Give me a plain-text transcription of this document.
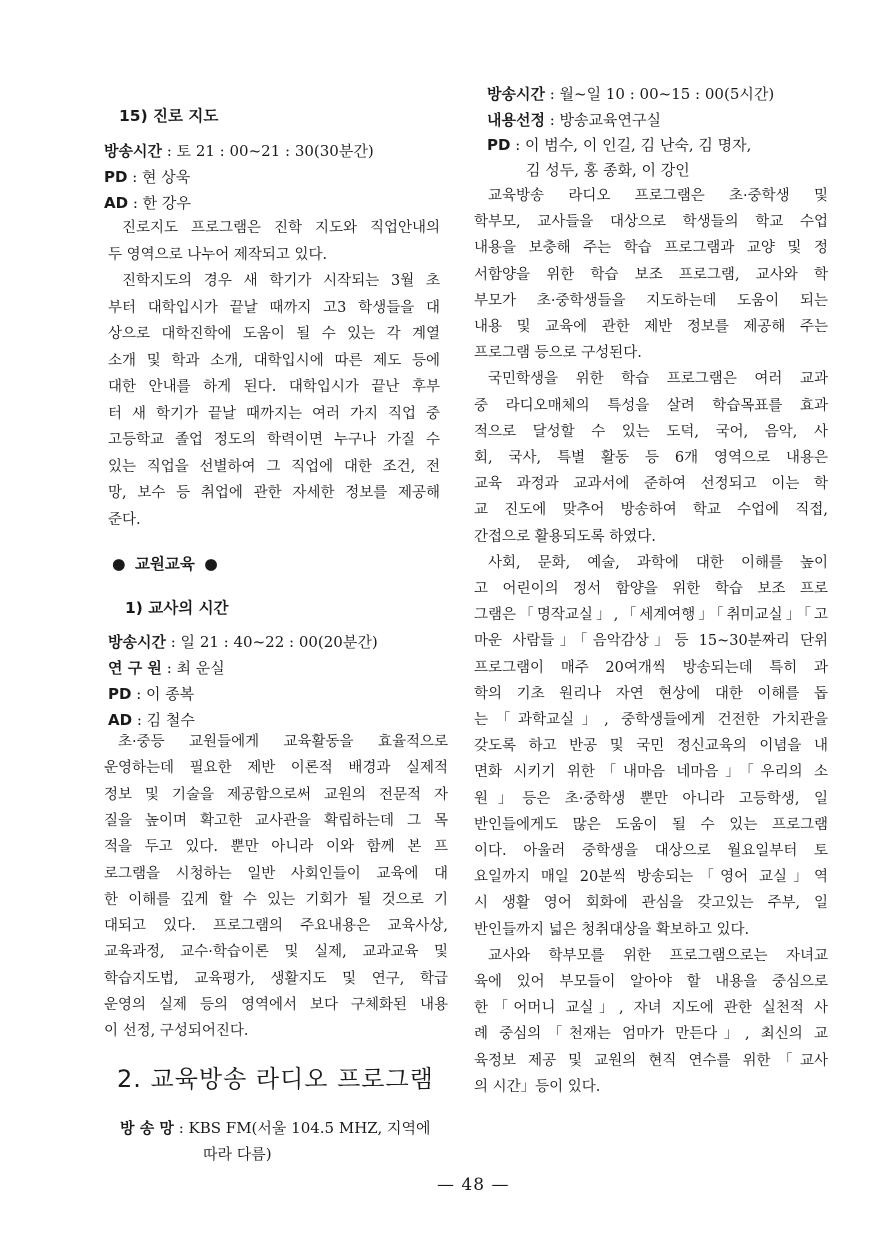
15) 진로 지도
방송시간 : 토 21 : 00~21 : 30(30분간)
PD : 현 상욱
AD : 한 강우
진로지도 프로그램은 진학 지도와 직업안내의
두 영역으로 나누어 제작되고 있다.
진학지도의 경우 새 학기가 시작되는 3월 초
부터 대학입시가 끝날 때까지 고3 학생들을 대
상으로 대학진학에 도움이 될 수 있는 각 계열
소개 및 학과 소개, 대학입시에 따른 제도 등에
대한 안내를 하게 된다. 대학입시가 끝난 후부
터 새 학기가 끝날 때까지는 여러 가지 직업 중
고등학교 졸업 정도의 학력이면 누구나 가질 수
있는 직업을 선별하여 그 직업에 대한 조건, 전
망, 보수 등 취업에 관한 자세한 정보를 제공해
준다.
● 교원교육 ●
1) 교사의 시간
방송시간 : 일 21 : 40~22 : 00(20분간)
연 구 원 : 최 운실
PD : 이 종복
AD : 김 철수
초·중등 교원들에게 교육활동을 효율적으로
운영하는데 필요한 제반 이론적 배경과 실제적
정보 및 기술을 제공함으로써 교원의 전문적 자
질을 높이며 확고한 교사관을 확립하는데 그 목
적을 두고 있다. 뿐만 아니라 이와 함께 본 프
로그램을 시청하는 일반 사회인들이 교육에 대
한 이해를 깊게 할 수 있는 기회가 될 것으로 기
대되고 있다. 프로그램의 주요내용은 교육사상,
교육과정, 교수·학습이론 및 실제, 교과교육 및
학습지도법, 교육평가, 생활지도 및 연구, 학급
운영의 실제 등의 영역에서 보다 구체화된 내용
이 선정, 구성되어진다.
2. 교육방송 라디오 프로그램
방 송 망 : KBS FM(서울 104.5 MHZ, 지역에
따라 다름)
방송시간 : 월~일 10 : 00~15 : 00(5시간)
내용선정 : 방송교육연구실
PD : 이 범수, 이 인길, 김 난숙, 김 명자,
김 성두, 홍 종화, 이 강인
교육방송 라디오 프로그램은 초·중학생 및
학부모, 교사들을 대상으로 학생들의 학교 수업
내용을 보충해 주는 학습 프로그램과 교양 및 정
서함양을 위한 학습 보조 프로그램, 교사와 학
부모가 초·중학생들을 지도하는데 도움이 되는
내용 및 교육에 관한 제반 정보를 제공해 주는
프로그램 등으로 구성된다.
국민학생을 위한 학습 프로그램은 여러 교과
중 라디오매체의 특성을 살려 학습목표를 효과
적으로 달성할 수 있는 도덕, 국어, 음악, 사
회, 국사, 특별 활동 등 6개 영역으로 내용은
교육 과정과 교과서에 준하여 선정되고 이는 학
교 진도에 맞추어 방송하여 학교 수업에 직접,
간접으로 활용되도록 하였다.
사회, 문화, 예술, 과학에 대한 이해를 높이
고 어린이의 정서 함양을 위한 학습 보조 프로
그램은「명작교실」,「세계여행」「취미교실」「고
마운 사람들」「음악감상」등 15~30분짜리 단위
프로그램이 매주 20여개씩 방송되는데 특히 과
학의 기초 원리나 자연 현상에 대한 이해를 돕
는「과학교실」, 중학생들에게 건전한 가치관을
갖도록 하고 반공 및 국민 정신교육의 이념을 내
면화 시키기 위한「내마음 네마음」「우리의 소
원」등은 초·중학생 뿐만 아니라 고등학생, 일
반인들에게도 많은 도움이 될 수 있는 프로그램
이다. 아울러 중학생을 대상으로 월요일부터 토
요일까지 매일 20분씩 방송되는「영어 교실」역
시 생활 영어 회화에 관심을 갖고있는 주부, 일
반인들까지 넓은 청취대상을 확보하고 있다.
교사와 학부모를 위한 프로그램으로는 자녀교
육에 있어 부모들이 알아야 할 내용을 중심으로
한「어머니 교실」, 자녀 지도에 관한 실천적 사
례 중심의「천재는 엄마가 만든다」, 최신의 교
육정보 제공 및 교원의 현직 연수를 위한「교사
의 시간」등이 있다.
— 48 —
